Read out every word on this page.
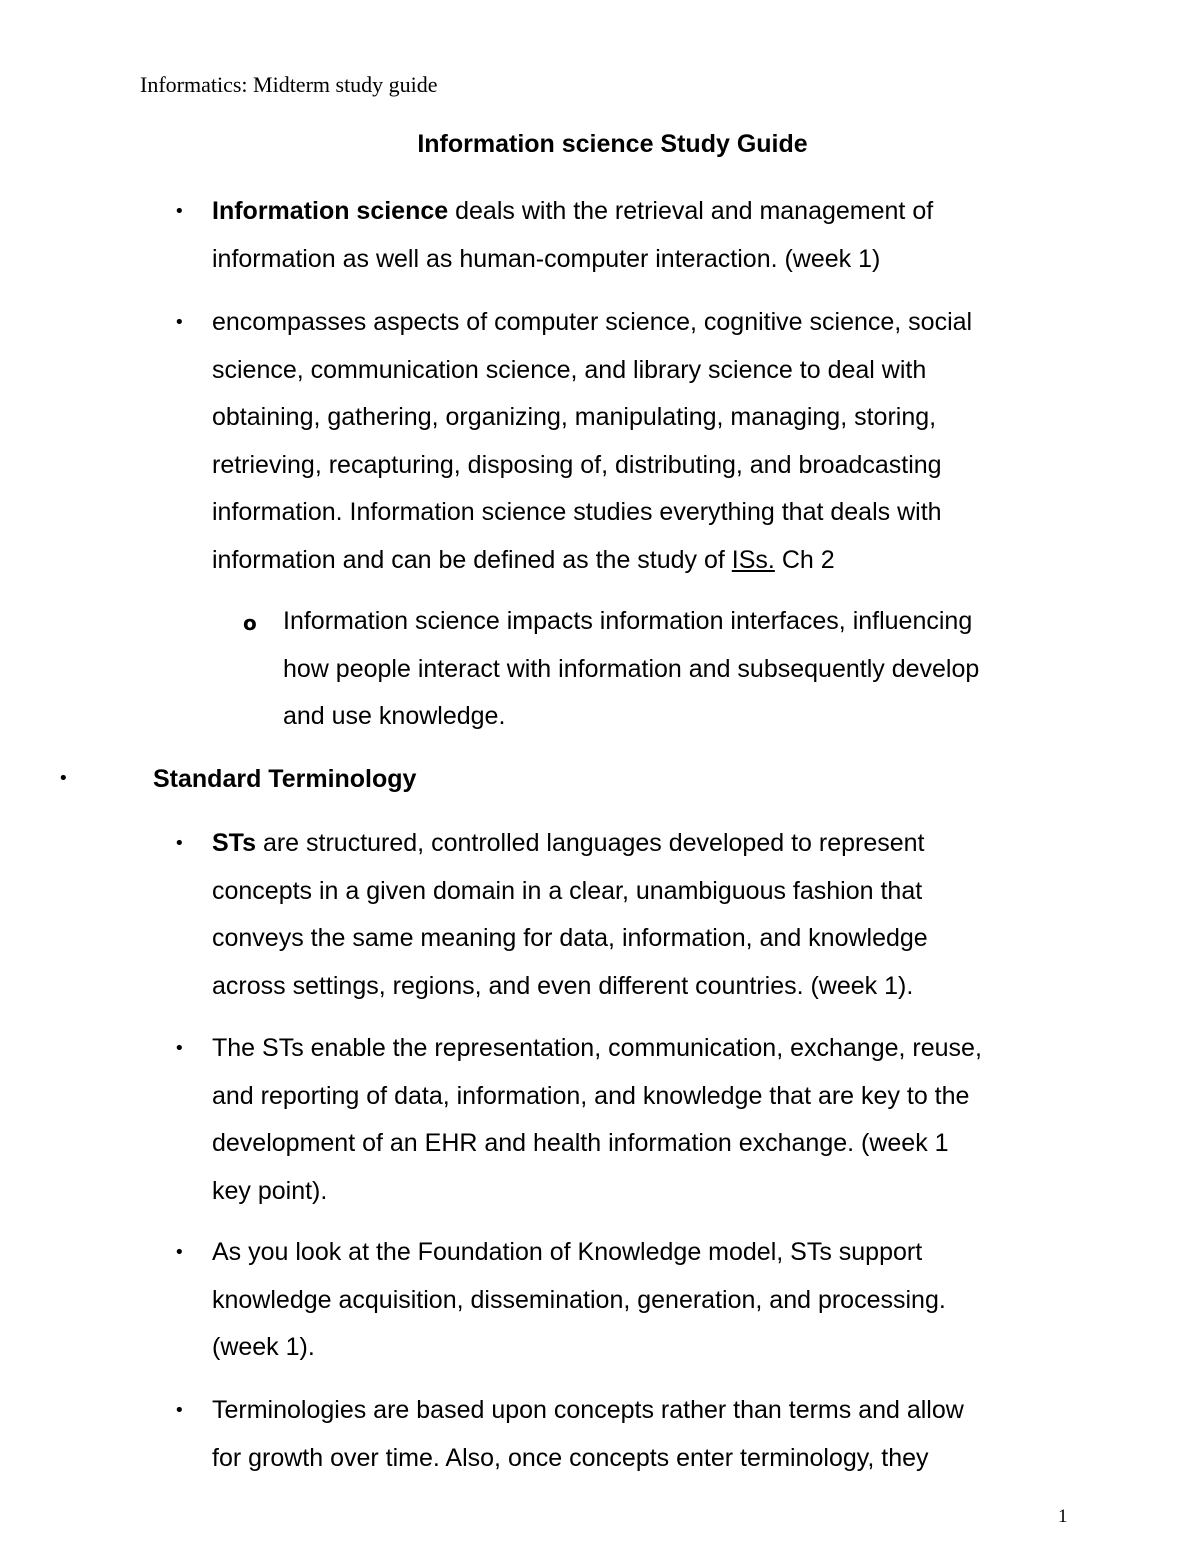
Informatics: Midterm study guide
Information science Study Guide
• Information science deals with the retrieval and management of

information as well as human-computer interaction. (week 1)

• encompasses aspects of computer science, cognitive science, social

science, communication science, and library science to deal with

obtaining, gathering, organizing, manipulating, managing, storing,

retrieving, recapturing, disposing of, distributing, and broadcasting

information. Information science studies everything that deals with

information and can be defined as the study of ISs. Ch 2

o Information science impacts information interfaces, influencing

how people interact with information and subsequently develop

and use knowledge.

•	Standard Terminology
• STs are structured, controlled languages developed to represent

concepts in a given domain in a clear, unambiguous fashion that

conveys the same meaning for data, information, and knowledge

across settings, regions, and even different countries. (week 1).

• The STs enable the representation, communication, exchange, reuse,

and reporting of data, information, and knowledge that are key to the

development of an EHR and health information exchange. (week 1

key point).

• As you look at the Foundation of Knowledge model, STs support

knowledge acquisition, dissemination, generation, and processing.

(week 1).

• Terminologies are based upon concepts rather than terms and allow

for growth over time. Also, once concepts enter terminology, they

1
